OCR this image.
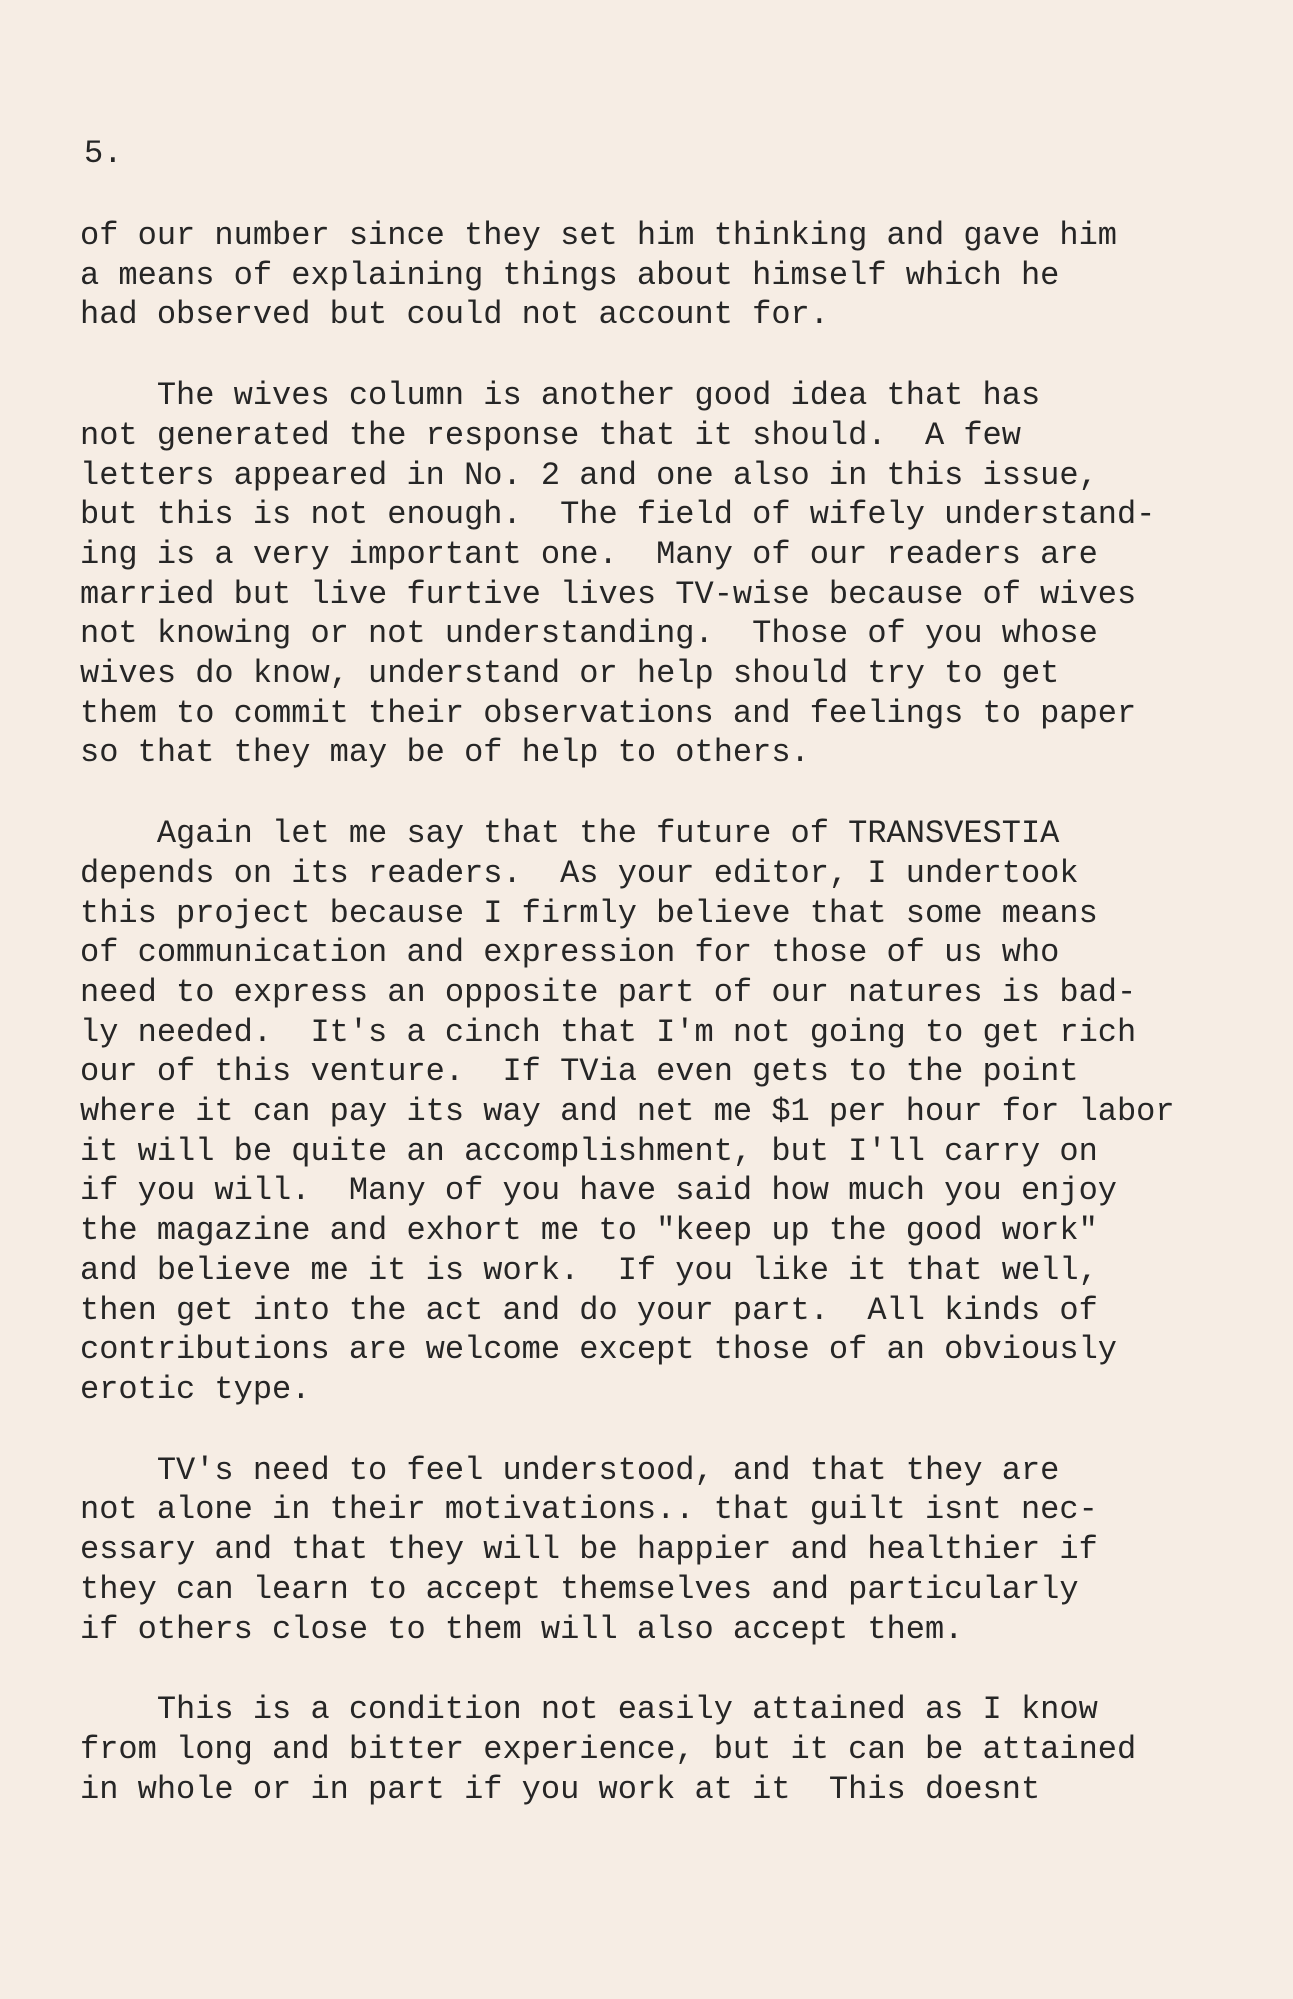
5.
of our number since they set him thinking and gave him
a means of explaining things about himself which he
had observed but could not account for.
The wives column is another good idea that has
not generated the response that it should.  A few
letters appeared in No. 2 and one also in this issue,
but this is not enough.  The field of wifely understand-
ing is a very important one.  Many of our readers are
married but live furtive lives TV-wise because of wives
not knowing or not understanding.  Those of you whose
wives do know, understand or help should try to get
them to commit their observations and feelings to paper
so that they may be of help to others.
Again let me say that the future of TRANSVESTIA
depends on its readers.  As your editor, I undertook
this project because I firmly believe that some means
of communication and expression for those of us who
need to express an opposite part of our natures is bad-
ly needed.  It's a cinch that I'm not going to get rich
our of this venture.  If TVia even gets to the point
where it can pay its way and net me $1 per hour for labor
it will be quite an accomplishment, but I'll carry on
if you will.  Many of you have said how much you enjoy
the magazine and exhort me to "keep up the good work"
and believe me it is work.  If you like it that well,
then get into the act and do your part.  All kinds of
contributions are welcome except those of an obviously
erotic type.
TV's need to feel understood, and that they are
not alone in their motivations.. that guilt isnt nec-
essary and that they will be happier and healthier if
they can learn to accept themselves and particularly
if others close to them will also accept them.
This is a condition not easily attained as I know
from long and bitter experience, but it can be attained
in whole or in part if you work at it  This doesnt
